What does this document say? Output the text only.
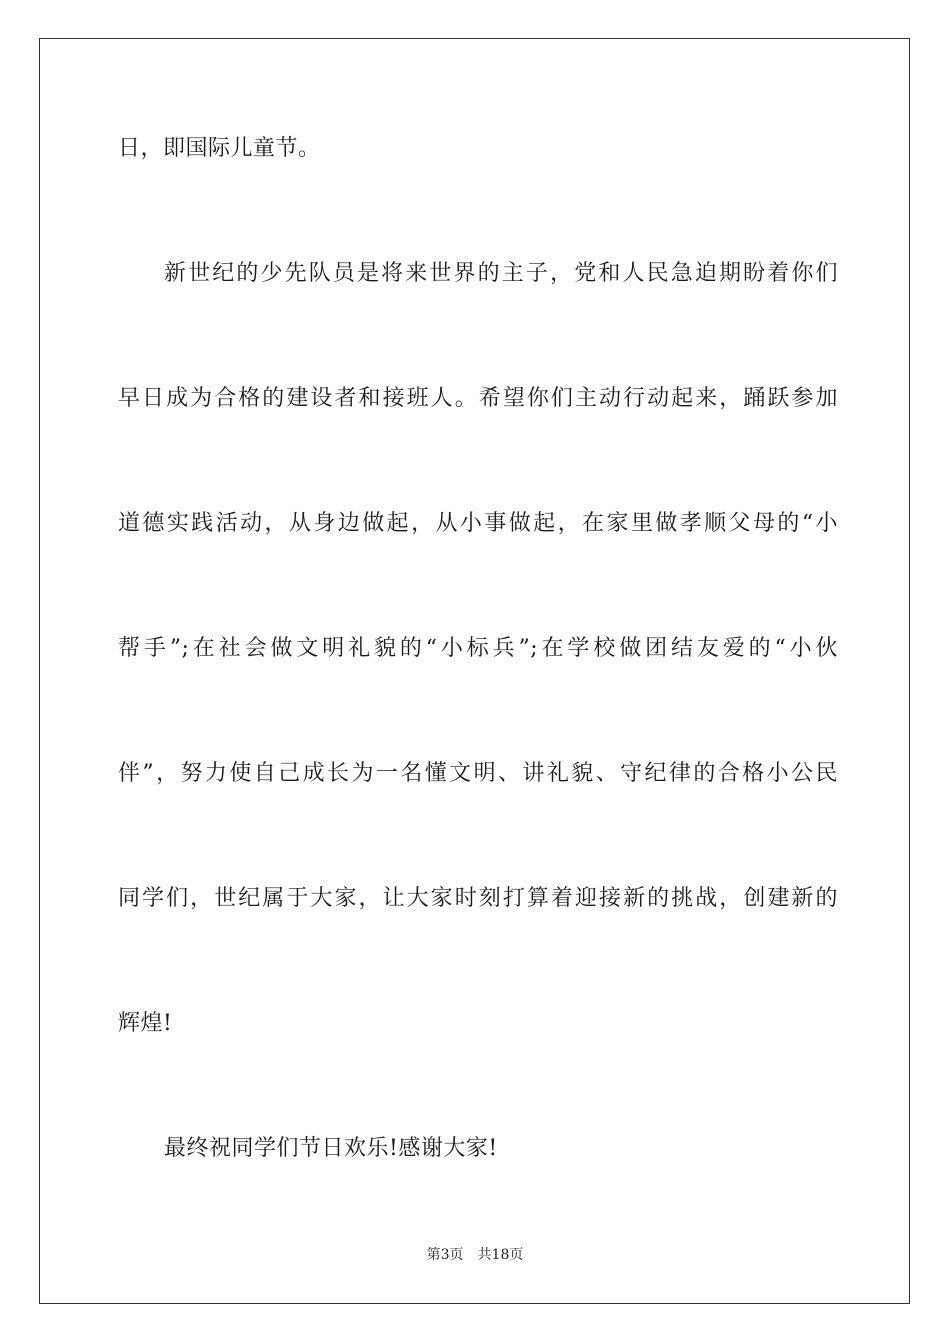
日，即国际儿童节。
新世纪的少先队员是将来世界的主子，党和人民急迫期盼着你们
早日成为合格的建设者和接班人。希望你们主动行动起来，踊跃参加
道德实践活动，从身边做起，从小事做起，在家里做孝顺父母的“小
帮手”;在社会做文明礼貌的“小标兵”;在学校做团结友爱的“小伙
伴”，努力使自己成长为一名懂文明、讲礼貌、守纪律的合格小公民
同学们，世纪属于大家，让大家时刻打算着迎接新的挑战，创建新的
辉煌!
最终祝同学们节日欢乐!感谢大家!
第3页 共18页
